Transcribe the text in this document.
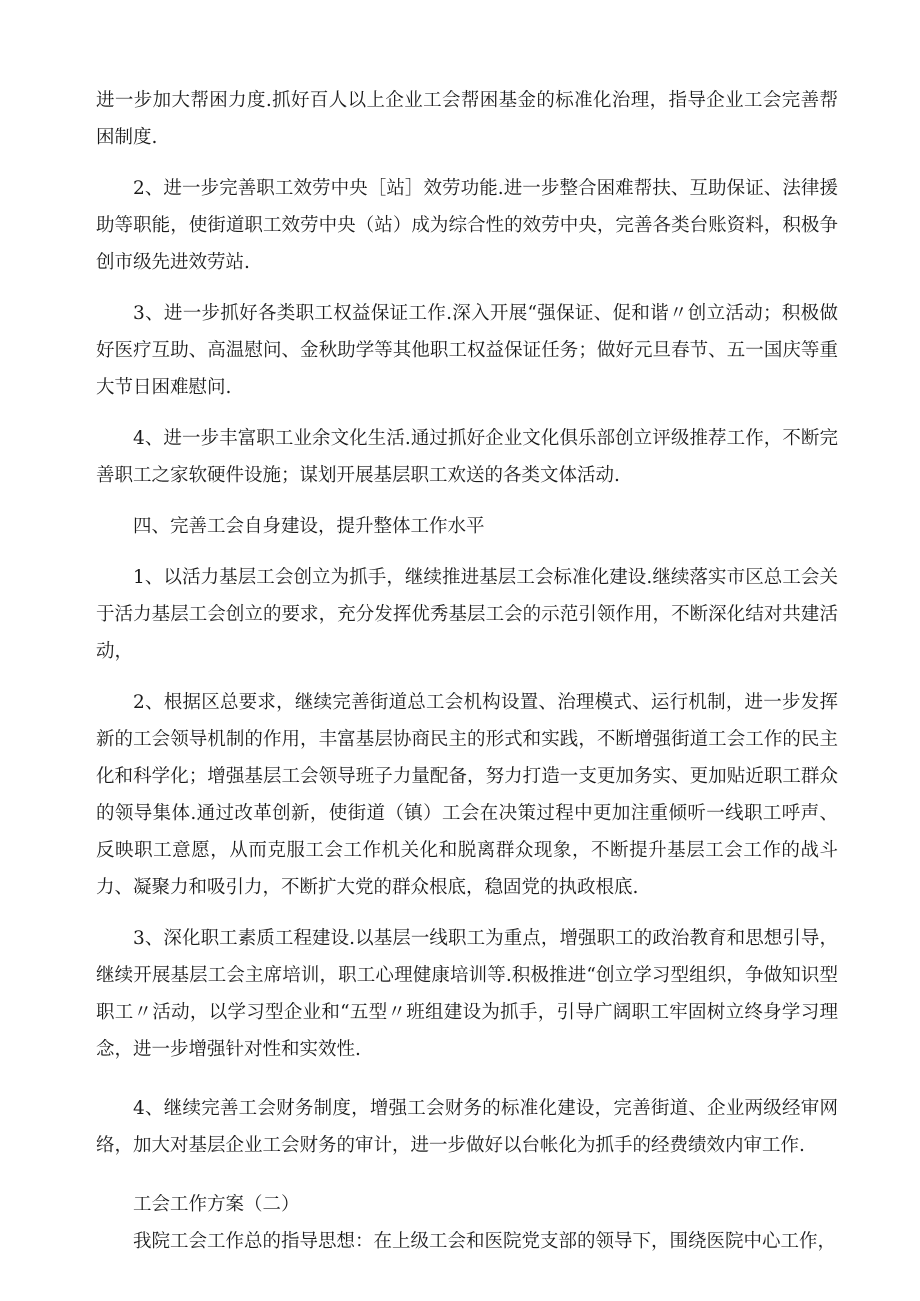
进一步加大帮困力度.抓好百人以上企业工会帮困基金的标准化治理，指导企业工会完善帮困制度.

2、进一步完善职工效劳中央［站］效劳功能.进一步整合困难帮扶、互助保证、法律援助等职能，使街道职工效劳中央（站）成为综合性的效劳中央，完善各类台账资料，积极争创市级先进效劳站.

3、进一步抓好各类职工权益保证工作.深入开展“强保证、促和谐〃创立活动；积极做好医疗互助、高温慰问、金秋助学等其他职工权益保证任务；做好元旦春节、五一国庆等重大节日困难慰问.

4、进一步丰富职工业余文化生活.通过抓好企业文化俱乐部创立评级推荐工作，不断完善职工之家软硬件设施；谋划开展基层职工欢送的各类文体活动.

四、完善工会自身建设，提升整体工作水平

1、以活力基层工会创立为抓手，继续推进基层工会标准化建设.继续落实市区总工会关于活力基层工会创立的要求，充分发挥优秀基层工会的示范引领作用，不断深化结对共建活动，

2、根据区总要求，继续完善街道总工会机构设置、治理模式、运行机制，进一步发挥新的工会领导机制的作用，丰富基层协商民主的形式和实践，不断增强街道工会工作的民主化和科学化；增强基层工会领导班子力量配备，努力打造一支更加务实、更加贴近职工群众的领导集体.通过改革创新，使街道（镇）工会在决策过程中更加注重倾听一线职工呼声、反映职工意愿，从而克服工会工作机关化和脱离群众现象，不断提升基层工会工作的战斗力、凝聚力和吸引力，不断扩大党的群众根底，稳固党的执政根底.

3、深化职工素质工程建设.以基层一线职工为重点，增强职工的政治教育和思想引导，继续开展基层工会主席培训，职工心理健康培训等.积极推进“创立学习型组织，争做知识型职工〃活动，以学习型企业和“五型〃班组建设为抓手，引导广阔职工牢固树立终身学习理念，进一步增强针对性和实效性.

4、继续完善工会财务制度，增强工会财务的标准化建设，完善街道、企业两级经审网络，加大对基层企业工会财务的审计，进一步做好以台帐化为抓手的经费绩效内审工作.

工会工作方案（二）

我院工会工作总的指导思想：在上级工会和医院党支部的领导下，围绕医院中心工作，
